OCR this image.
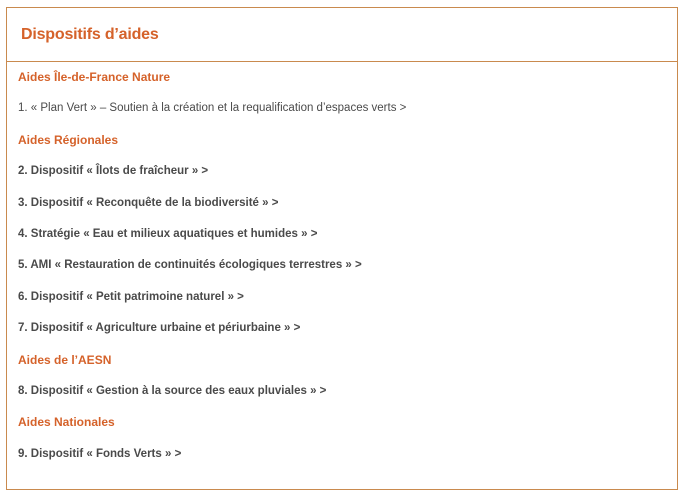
Dispositifs d’aides
Aides Île-de-France Nature
1. « Plan Vert » – Soutien à la création et la requalification d’espaces verts >
Aides Régionales
2. Dispositif « Îlots de fraîcheur » >
3. Dispositif « Reconquête de la biodiversité » >
4. Stratégie « Eau et milieux aquatiques et humides » >
5. AMI « Restauration de continuités écologiques terrestres » >
6. Dispositif « Petit patrimoine naturel » >
7. Dispositif « Agriculture urbaine et périurbaine » >
Aides de l’AESN
8. Dispositif « Gestion à la source des eaux pluviales » >
Aides Nationales
9. Dispositif « Fonds Verts » >
